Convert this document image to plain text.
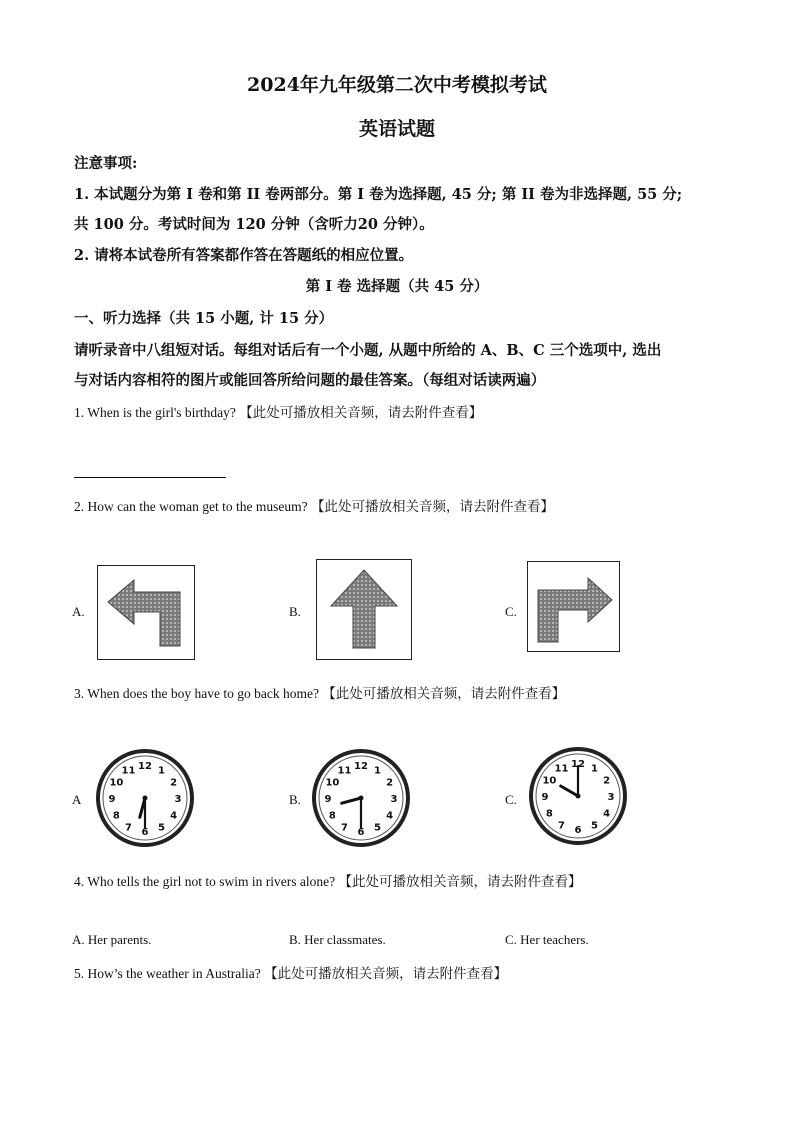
2024年九年级第二次中考模拟考试
英语试题
注意事项:
1. 本试题分为第 I 卷和第 II 卷两部分。第 I 卷为选择题, 45 分; 第 II 卷为非选择题, 55 分;
共 100 分。考试时间为 120 分钟（含听力20 分钟）。
2. 请将本试卷所有答案都作答在答题纸的相应位置。
第 I 卷 选择题（共 45 分）
一、听力选择（共 15 小题, 计 15 分）
请听录音中八组短对话。每组对话后有一个小题, 从题中所给的 A、B、C 三个选项中, 选出
与对话内容相符的图片或能回答所给问题的最佳答案。（每组对话读两遍）
1. When is the girl's birthday? 【此处可播放相关音频，请去附件查看】
2. How can the woman get to the museum? 【此处可播放相关音频，请去附件查看】
A.	B.	C.
3. When does the boy have to go back home? 【此处可播放相关音频，请去附件查看】
A
12 1
2
3
4
5
6
7
8
9
10
11
B.
12 1
2
3
4
5
6
7
8
9
10
11
C.
12 1
2
3
4
5
6
7
8
9
10
11
4. Who tells the girl not to swim in rivers alone? 【此处可播放相关音频，请去附件查看】
A. Her parents.	B. Her classmates.	C. Her teachers.
5. How’s the weather in Australia? 【此处可播放相关音频，请去附件查看】
